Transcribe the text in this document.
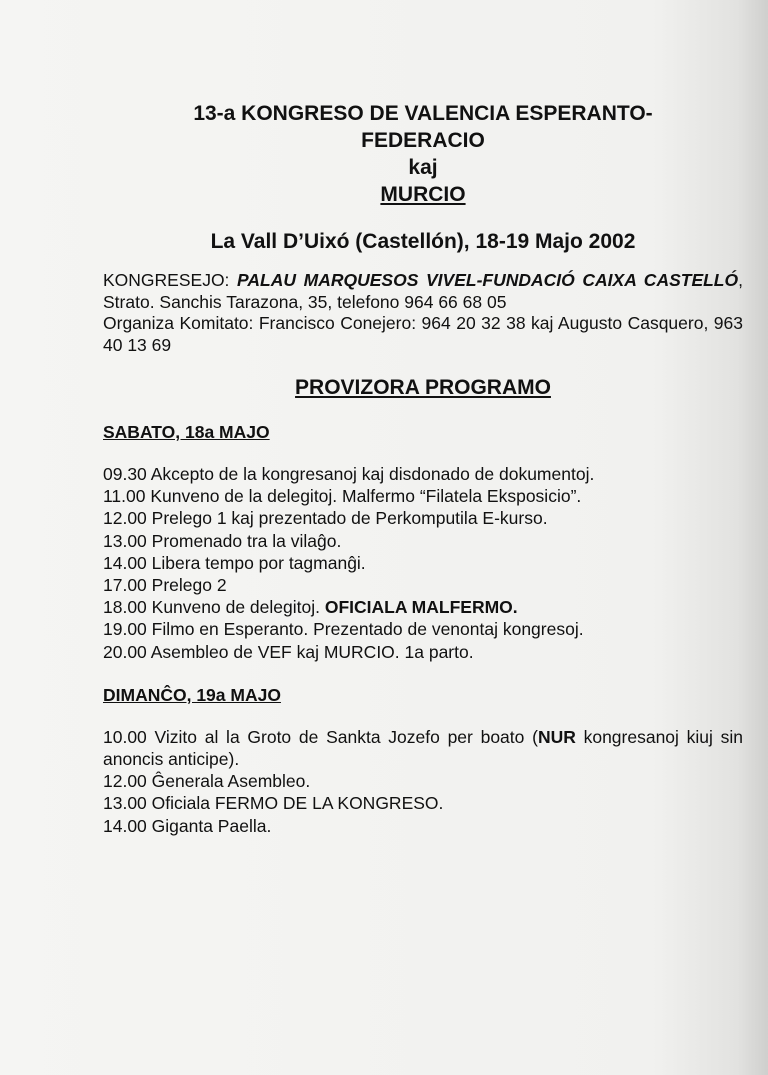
13-a KONGRESO DE VALENCIA ESPERANTO-
FEDERACIO
kaj
MURCIO
La Vall D’Uixó (Castellón), 18-19 Majo 2002
KONGRESEJO: PALAU MARQUESOS VIVEL-FUNDACIÓ CAIXA CASTELLÓ, Strato. Sanchis Tarazona, 35, telefono 964 66 68 05
Organiza Komitato: Francisco Conejero: 964 20 32 38 kaj Augusto Casquero, 963 40 13 69
PROVIZORA PROGRAMO
SABATO, 18a MAJO
09.30 Akcepto de la kongresanoj kaj disdonado de dokumentoj.
11.00 Kunveno de la delegitoj. Malfermo “Filatela Eksposicio”.
12.00 Prelego 1 kaj prezentado de Perkomputila E-kurso.
13.00 Promenado tra la vilaĝo.
14.00 Libera tempo por tagmanĝi.
17.00 Prelego 2
18.00 Kunveno de delegitoj. OFICIALA MALFERMO.
19.00 Filmo en Esperanto. Prezentado de venontaj kongresoj.
20.00 Asembleo de VEF kaj MURCIO. 1a parto.
DIMANĈO, 19a MAJO
10.00 Vizito al la Groto de Sankta Jozefo per boato (NUR kongresanoj kiuj sin anoncis anticipe).
12.00 Ĝenerala Asembleo.
13.00 Oficiala FERMO DE LA KONGRESO.
14.00 Giganta Paella.
